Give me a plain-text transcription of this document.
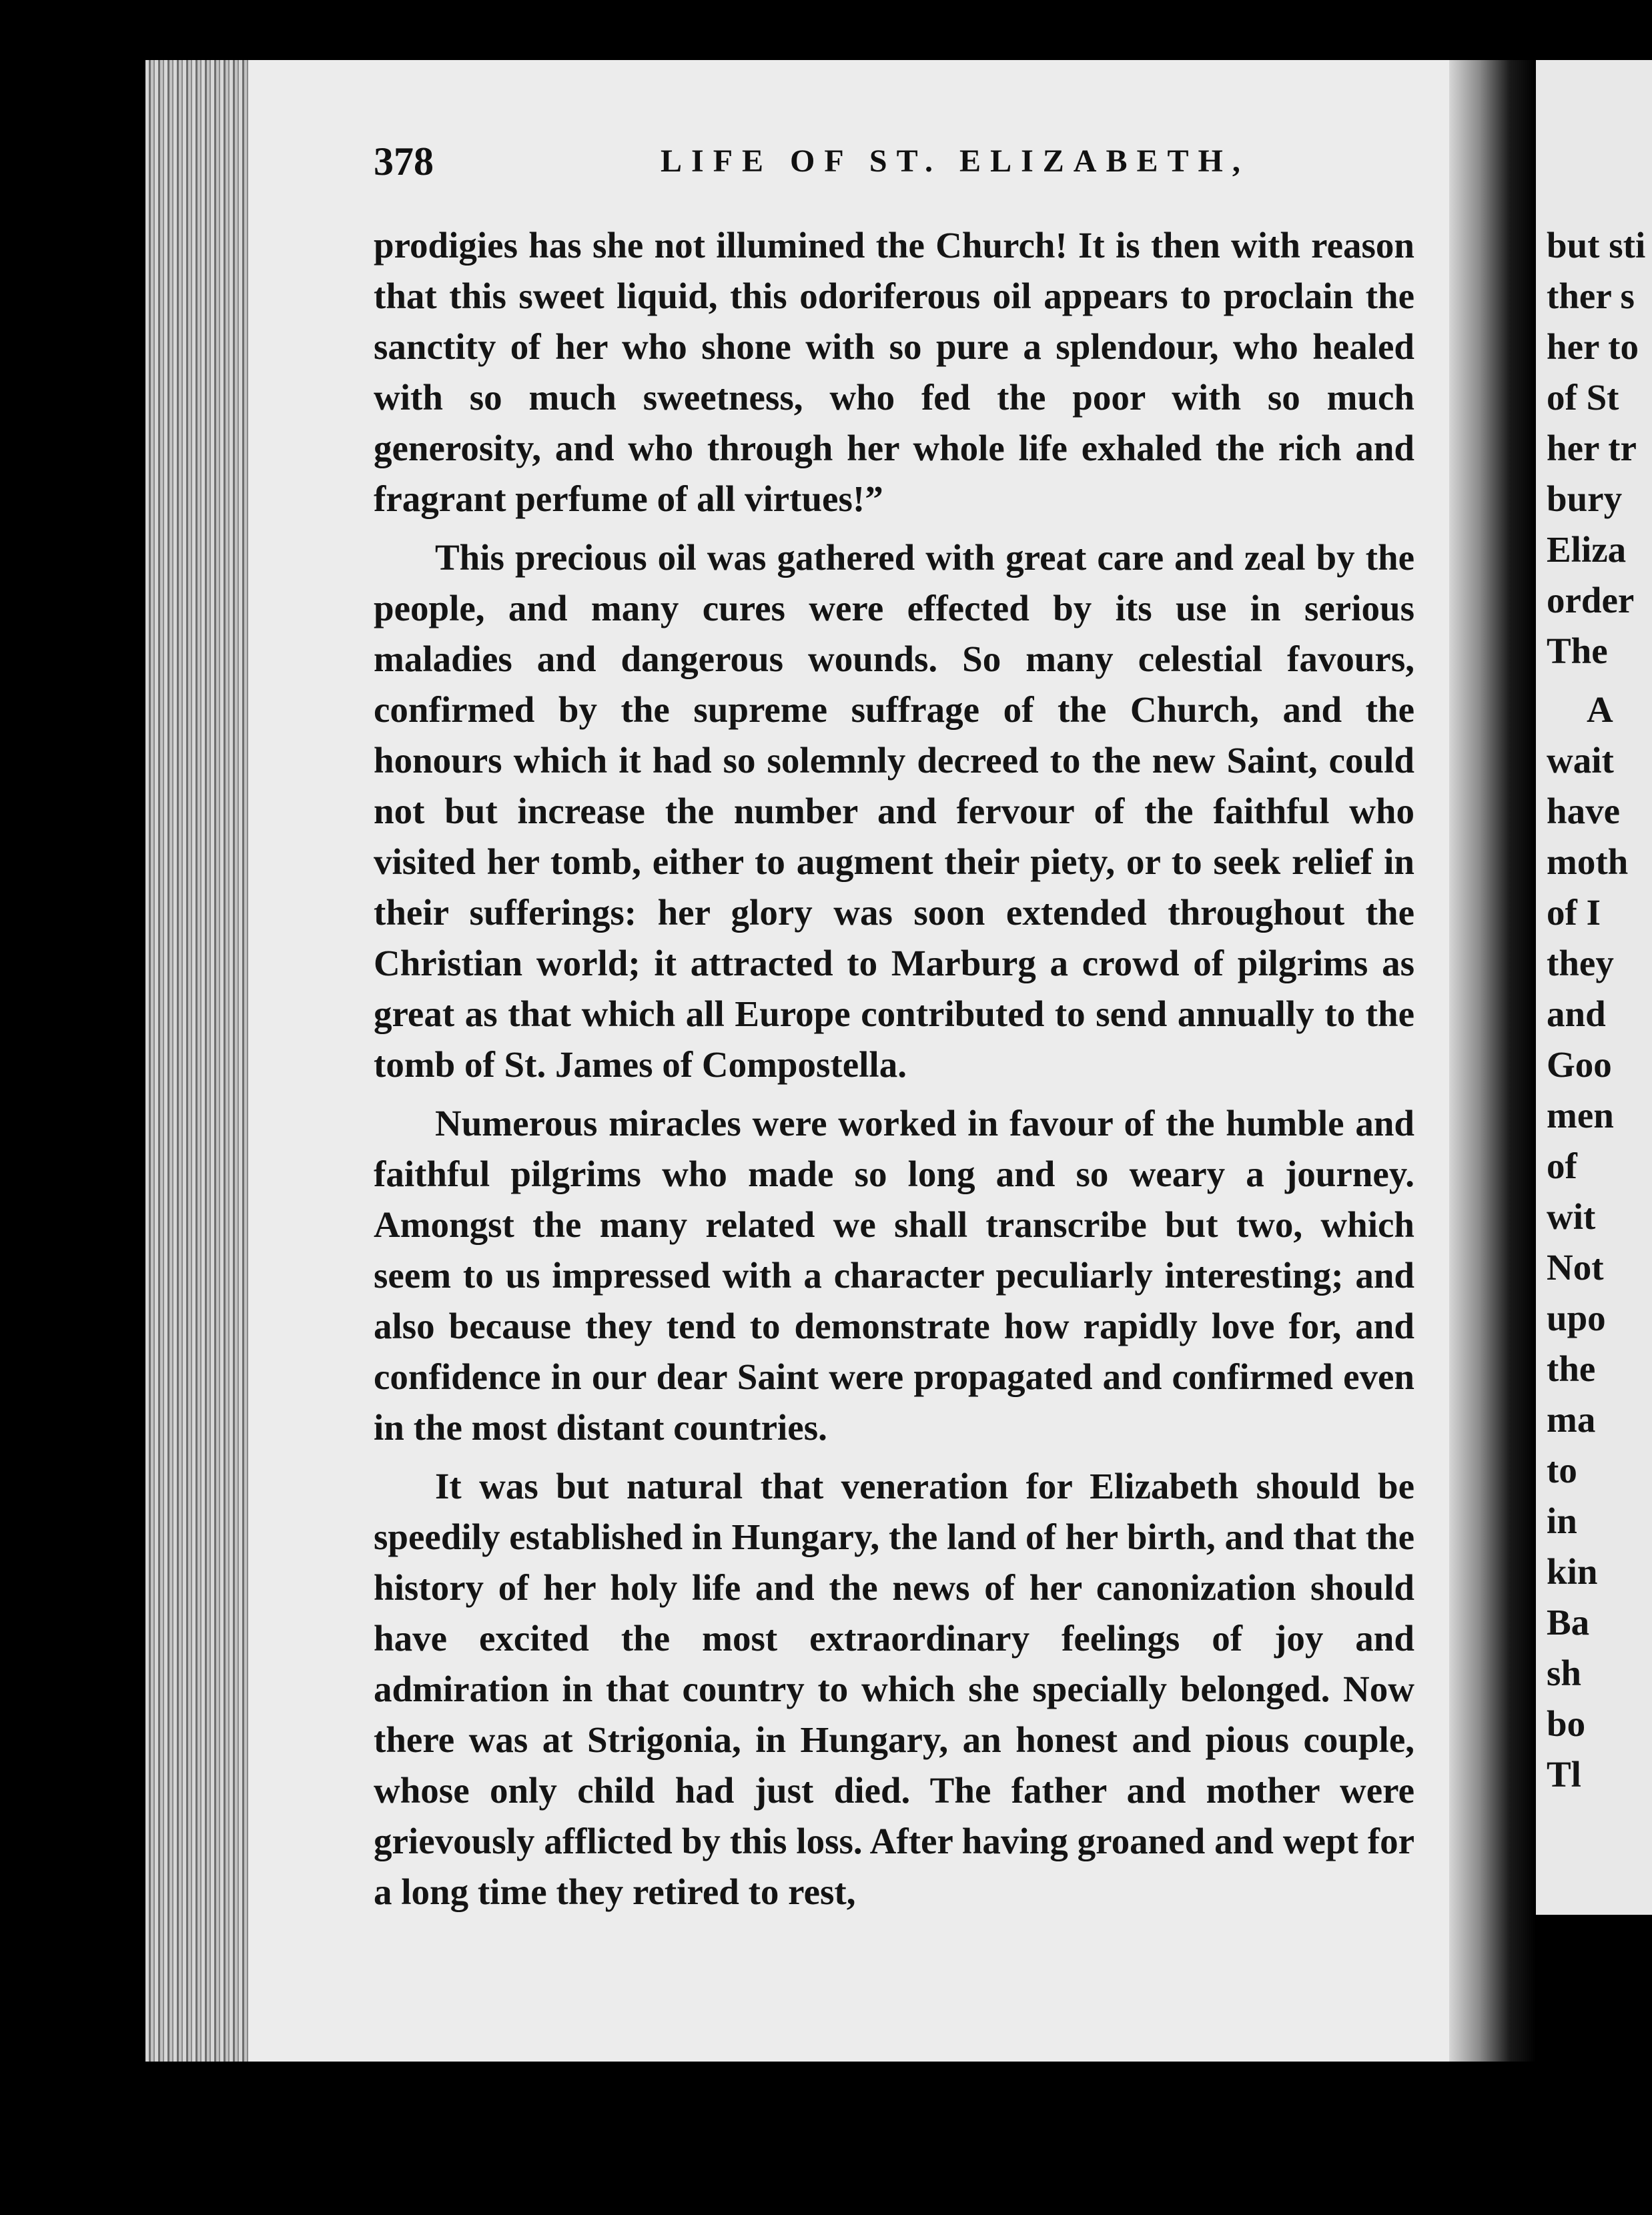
378	LIFE OF ST. ELIZABETH,

prodigies has she not illumined the Church! It is then with reason that this sweet liquid, this odoriferous oil appears to proclain the sanctity of her who shone with so pure a splendour, who healed with so much sweetness, who fed the poor with so much generosity, and who through her whole life exhaled the rich and fragrant perfume of all virtues!”

This precious oil was gathered with great care and zeal by the people, and many cures were effected by its use in serious maladies and dangerous wounds. So many celestial favours, confirmed by the supreme suffrage of the Church, and the honours which it had so solemnly decreed to the new Saint, could not but increase the number and fervour of the faithful who visited her tomb, either to augment their piety, or to seek relief in their sufferings: her glory was soon extended throughout the Christian world; it attracted to Marburg a crowd of pilgrims as great as that which all Europe contributed to send annually to the tomb of St. James of Compostella.

Numerous miracles were worked in favour of the humble and faithful pilgrims who made so long and so weary a journey. Amongst the many related we shall transcribe but two, which seem to us impressed with a character peculiarly interesting; and also because they tend to demonstrate how rapidly love for, and confidence in our dear Saint were propagated and confirmed even in the most distant countries.

It was but natural that veneration for Elizabeth should be speedily established in Hungary, the land of her birth, and that the history of her holy life and the news of her canonization should have excited the most extraordinary feelings of joy and admiration in that country to which she specially belonged. Now there was at Strigonia, in Hungary, an honest and pious couple, whose only child had just died. The father and mother were grievously afflicted by this loss. After having groaned and wept for a long time they retired to rest,

but sti
ther s
her to
of St
her tr
bury
Eliza
order
The
A
wait
have
moth
of I
they
and
Goo
men
of
wit
Not
upo
the
ma
to
in
kin
Ba
sh
bo
Tl
